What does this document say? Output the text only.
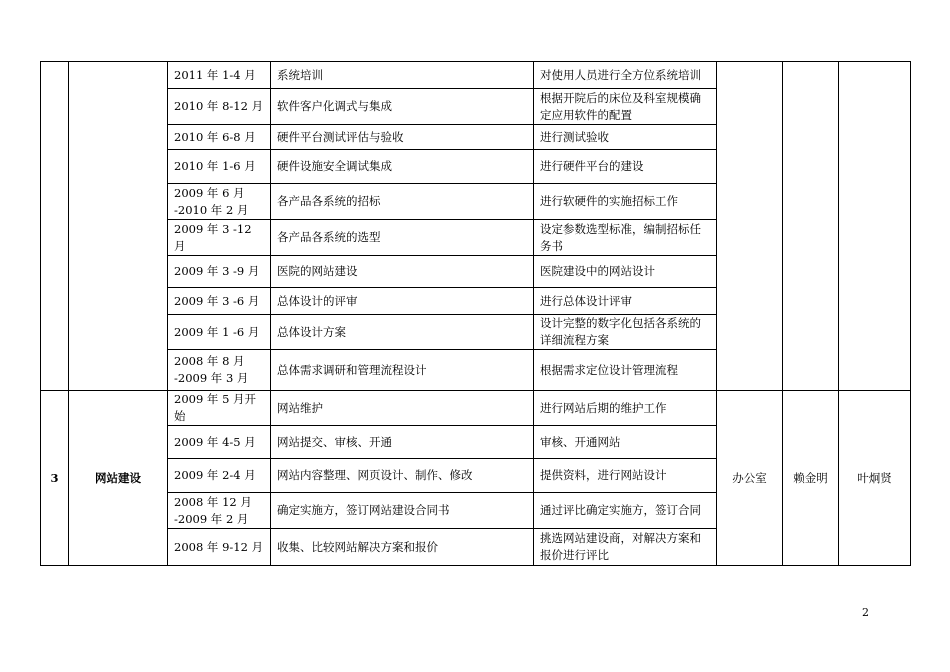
		2011 年 1-4 月	系统培训	对使用人员进行全方位系统培训			
		2010 年 8-12 月	软件客户化调式与集成	根据开院后的床位及科室规模确定应用软件的配置			
		2010 年 6-8 月	硬件平台测试评估与验收	进行测试验收			
		2010 年 1-6 月	硬件设施安全调试集成	进行硬件平台的建设			
		2009 年 6 月 -2010 年 2 月	各产品各系统的招标	进行软硬件的实施招标工作			
		2009 年 3 -12 月	各产品各系统的选型	设定参数选型标准，编制招标任务书			
		2009 年 3 -9 月	医院的网站建设	医院建设中的网站设计			
		2009 年 3 -6 月	总体设计的评审	进行总体设计评审			
		2009 年 1 -6 月	总体设计方案	设计完整的数字化包括各系统的详细流程方案			
		2008 年 8 月 -2009 年 3 月	总体需求调研和管理流程设计	根据需求定位设计管理流程			
3	网站建设	2009 年 5 月开始	网站维护	进行网站后期的维护工作	办公室	赖金明	叶炯贤
		2009 年 4-5 月	网站提交、审核、开通	审核、开通网站			
		2009 年 2-4 月	网站内容整理、网页设计、制作、修改	提供资料，进行网站设计			
		2008 年 12 月 -2009 年 2 月	确定实施方，签订网站建设合同书	通过评比确定实施方，签订合同			
		2008 年 9-12 月	收集、比较网站解决方案和报价	挑选网站建设商，对解决方案和报价进行评比			
2
